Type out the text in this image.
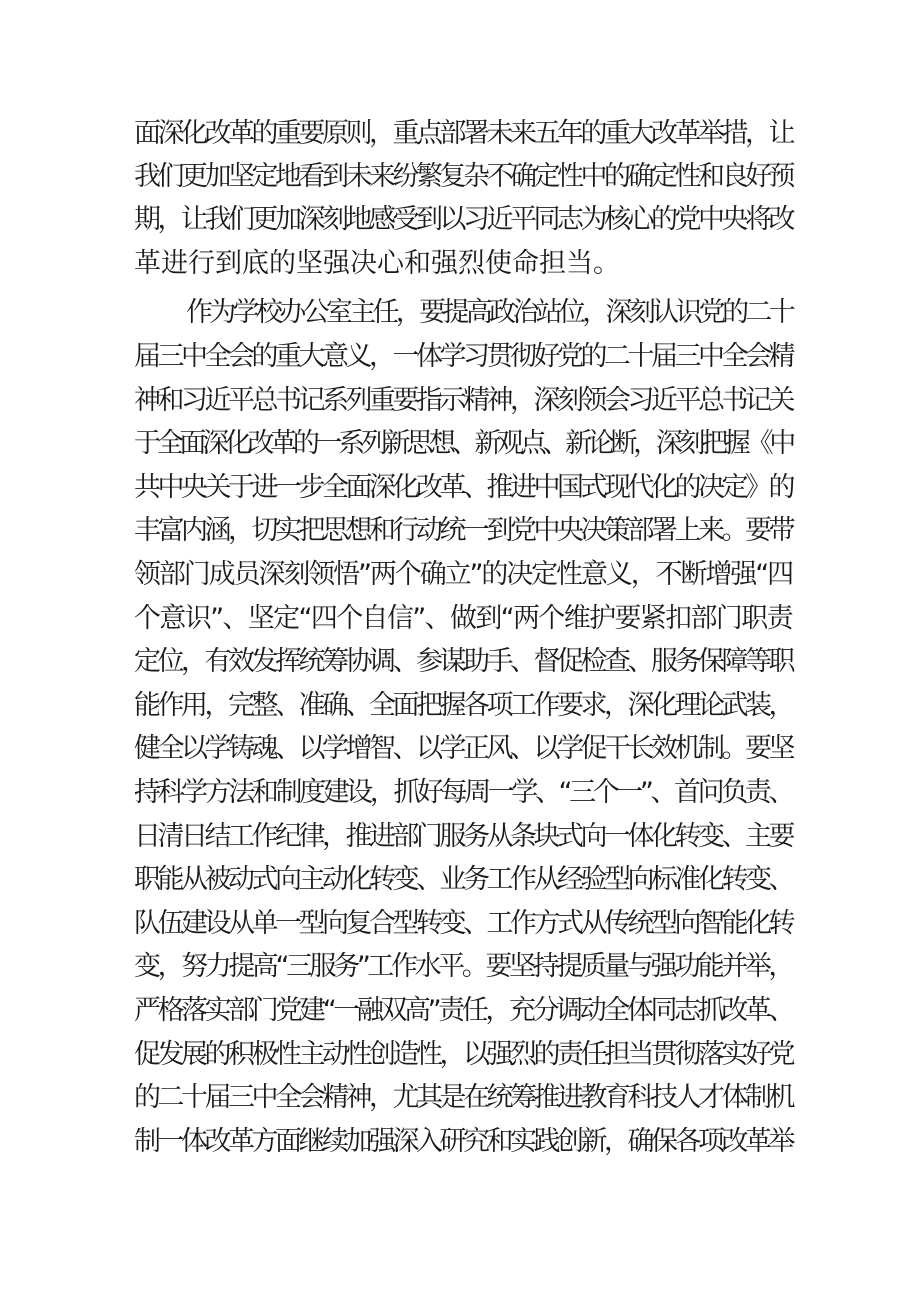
面深化改革的重要原则，重点部署未来五年的重大改革举措，让
我们更加坚定地看到未来纷繁复杂不确定性中的确定性和良好预
期，让我们更加深刻地感受到以习近平同志为核心的党中央将改
革进行到底的坚强决心和强烈使命担当。
作为学校办公室主任，要提高政治站位，深刻认识党的二十
届三中全会的重大意义，一体学习贯彻好党的二十届三中全会精
神和习近平总书记系列重要指示精神，深刻领会习近平总书记关
于全面深化改革的一系列新思想、新观点、新论断，深刻把握《中
共中央关于进一步全面深化改革、推进中国式现代化的决定》的
丰富内涵，切实把思想和行动统一到党中央决策部署上来。要带
领部门成员深刻领悟”两个确立”的决定性意义，不断增强“四
个意识”、坚定“四个自信”、做到“两个维护要紧扣部门职责
定位，有效发挥统筹协调、参谋助手、督促检查、服务保障等职
能作用，完整、准确、全面把握各项工作要求，深化理论武装，
健全以学铸魂、以学增智、以学正风、以学促干长效机制。要坚
持科学方法和制度建设，抓好每周一学、“三个一”、首问负责、
日清日结工作纪律，推进部门服务从条块式向一体化转变、主要
职能从被动式向主动化转变、业务工作从经验型向标准化转变、
队伍建设从单一型向复合型转变、工作方式从传统型向智能化转
变，努力提高“三服务”工作水平。要坚持提质量与强功能并举，
严格落实部门党建“一融双高”责任，充分调动全体同志抓改革、
促发展的积极性主动性创造性，以强烈的责任担当贯彻落实好党
的二十届三中全会精神，尤其是在统筹推进教育科技人才体制机
制一体改革方面继续加强深入研究和实践创新，确保各项改革举
